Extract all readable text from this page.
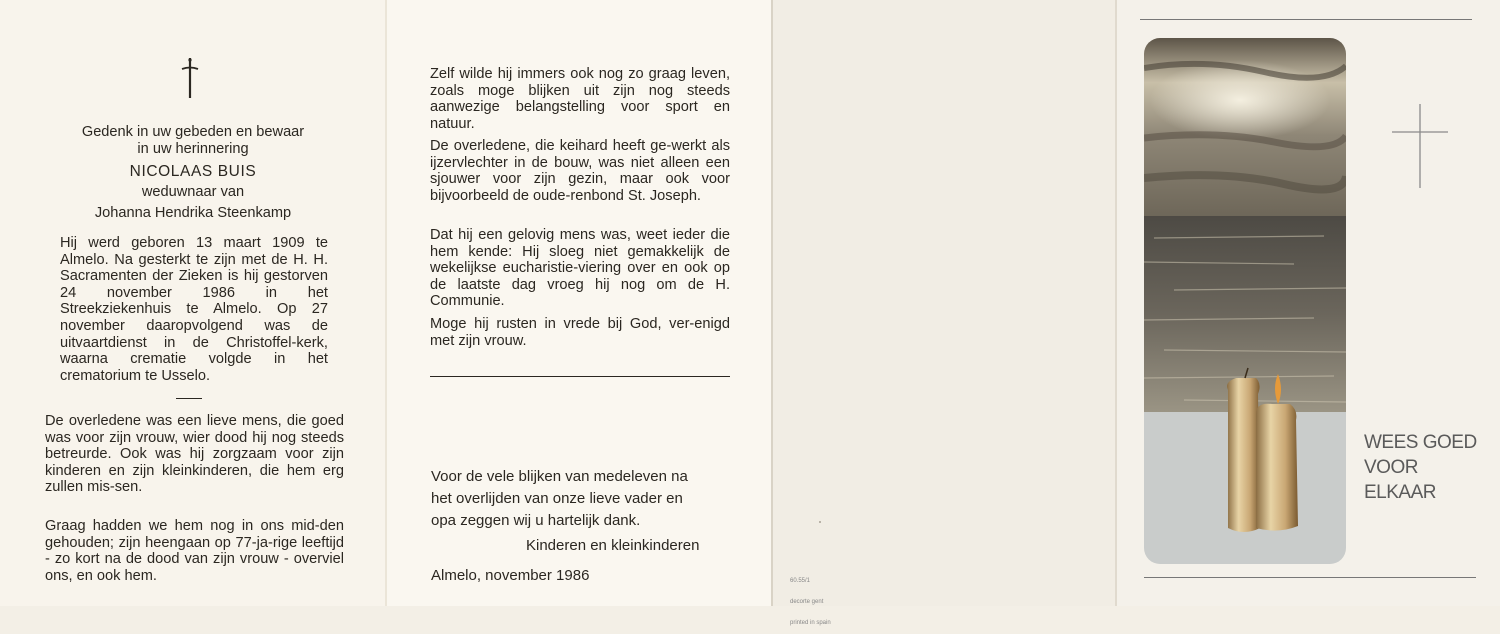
Gedenk in uw gebeden en bewaar

in uw herinnering

NICOLAAS BUIS

weduwnaar van

Johanna Hendrika Steenkamp

Hij werd geboren 13 maart 1909 te Almelo. Na gesterkt te zijn met de H. H. Sacramenten der Zieken is hij gestorven 24 november 1986 in het Streekziekenhuis te Almelo. Op 27 november daaropvolgend was de uitvaartdienst in de Christoffel-kerk, waarna crematie volgde in het crematorium te Usselo.

De overledene was een lieve mens, die goed was voor zijn vrouw, wier dood hij nog steeds betreurde. Ook was hij zorgzaam voor zijn kinderen en zijn kleinkinderen, die hem erg zullen mis-sen.

Graag hadden we hem nog in ons mid-den gehouden; zijn heengaan op 77-ja-rige leeftijd - zo kort na de dood van zijn vrouw - overviel ons, en ook hem.

Zelf wilde hij immers ook nog zo graag leven, zoals moge blijken uit zijn nog steeds aanwezige belangstelling voor sport en natuur.

De overledene, die keihard heeft ge-werkt als ijzervlechter in de bouw, was niet alleen een sjouwer voor zijn gezin, maar ook voor bijvoorbeeld de oude-renbond St. Joseph.

Dat hij een gelovig mens was, weet ieder die hem kende: Hij sloeg niet gemakkelijk de wekelijkse eucharistie-viering over en ook op de laatste dag vroeg hij nog om de H. Communie.

Moge hij rusten in vrede bij God, ver-enigd met zijn vrouw.

Voor de vele blijken van medeleven na

het overlijden van onze lieve vader en

opa zeggen wij u hartelijk dank.

Kinderen en kleinkinderen

Almelo, november 1986

	60.55/1

decorte gent

printed in spain

WEES GOED
VOOR
ELKAAR
